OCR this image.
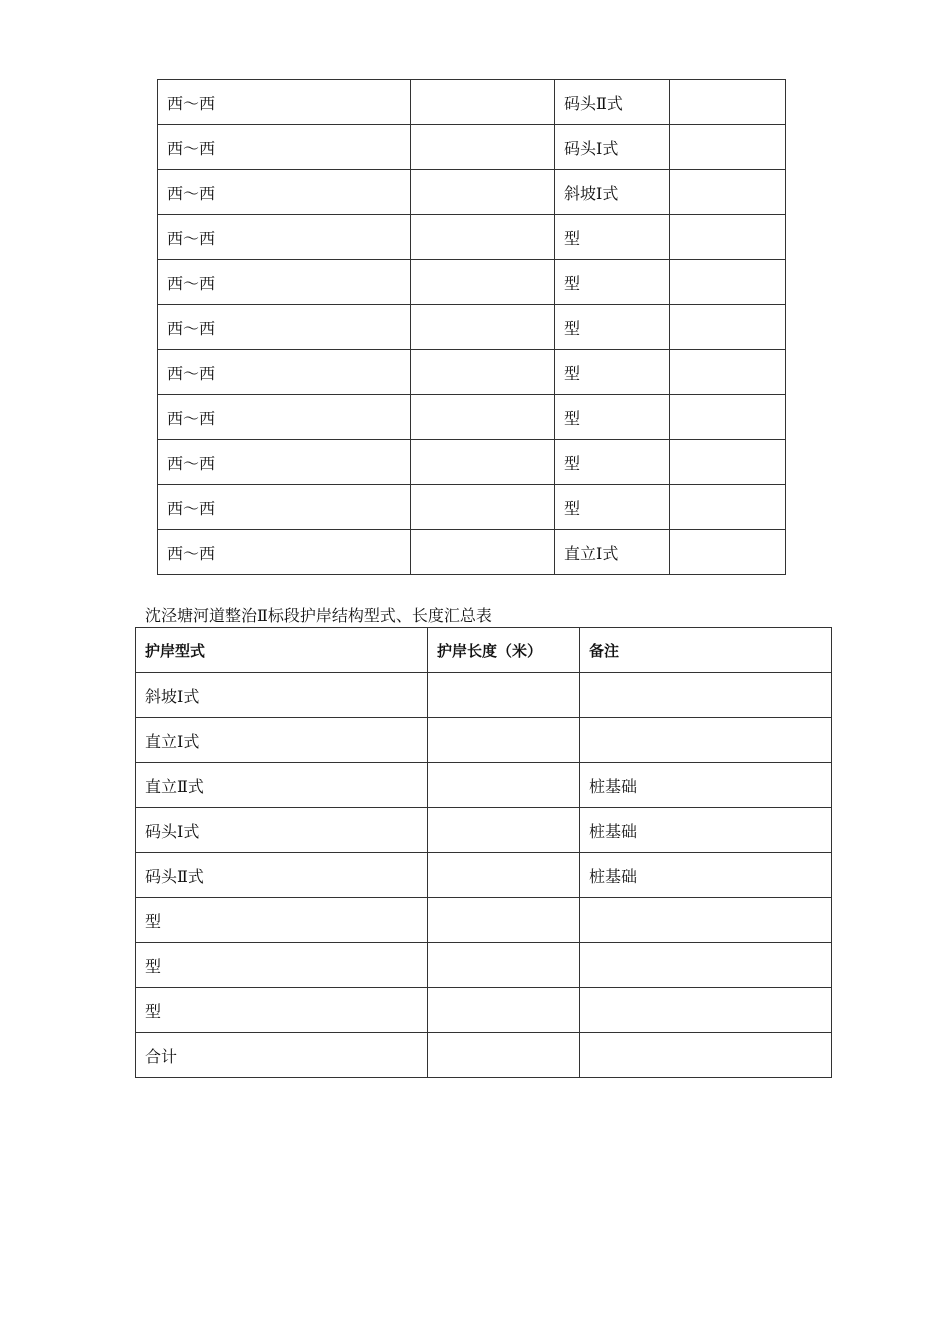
西～西		码头Ⅱ式	
西～西		码头Ⅰ式	
西～西		斜坡Ⅰ式	
西～西		型	
西～西		型	
西～西		型	
西～西		型	
西～西		型	
西～西		型	
西～西		型	
西～西		直立Ⅰ式	
沈泾塘河道整治Ⅱ标段护岸结构型式、长度汇总表
护岸型式	护岸长度（米）	备注
斜坡Ⅰ式		
直立Ⅰ式		
直立Ⅱ式		桩基础
码头Ⅰ式		桩基础
码头Ⅱ式		桩基础
型		
型		
型		
合计		
